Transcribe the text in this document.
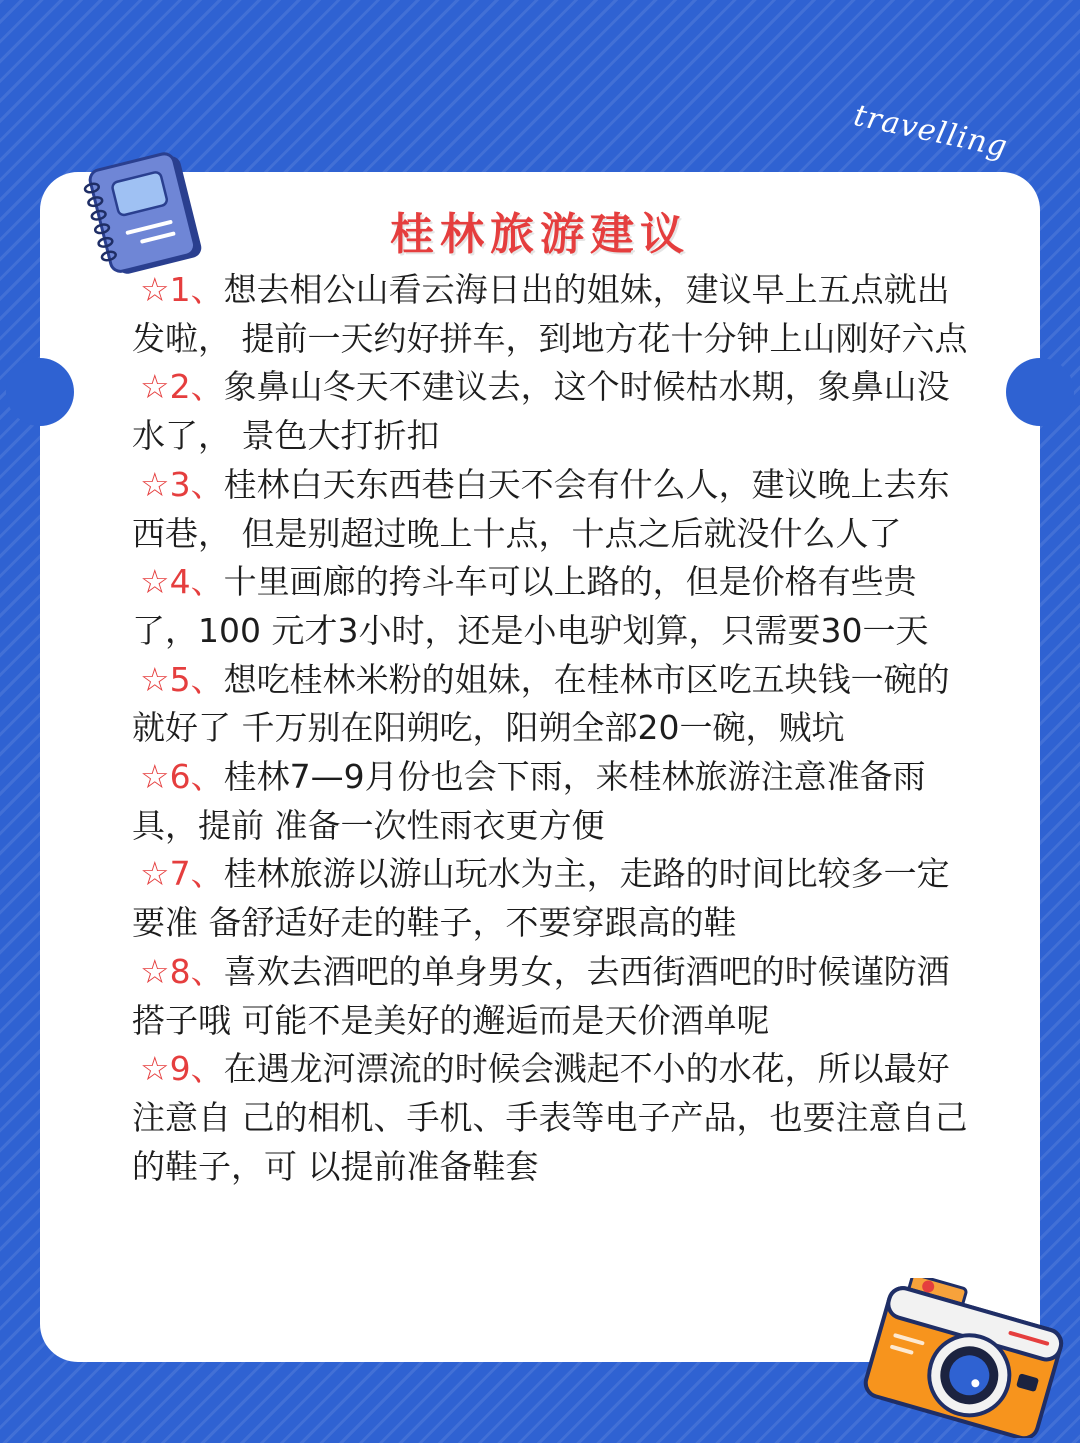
travelling
桂林旅游建议

☆1、想去相公山看云海日出的姐妹，建议早上五点就出发啦， 提前一天约好拼车，到地方花十分钟上山刚好六点

☆2、象鼻山冬天不建议去，这个时候枯水期，象鼻山没水了， 景色大打折扣

☆3、桂林白天东西巷白天不会有什么人，建议晚上去东西巷， 但是别超过晚上十点，十点之后就没什么人了

☆4、十里画廊的挎斗车可以上路的，但是价格有些贵了，100 元才3小时，还是小电驴划算，只需要30一天

☆5、想吃桂林米粉的姐妹，在桂林市区吃五块钱一碗的就好了 千万别在阳朔吃，阳朔全部20一碗，贼坑

☆6、桂林7—9月份也会下雨，来桂林旅游注意准备雨具，提前 准备一次性雨衣更方便

☆7、桂林旅游以游山玩水为主，走路的时间比较多一定要准 备舒适好走的鞋子，不要穿跟高的鞋

☆8、喜欢去酒吧的单身男女，去西街酒吧的时候谨防酒搭子哦 可能不是美好的邂逅而是天价酒单呢

☆9、在遇龙河漂流的时候会溅起不小的水花，所以最好注意自 己的相机、手机、手表等电子产品，也要注意自己的鞋子，可 以提前准备鞋套
